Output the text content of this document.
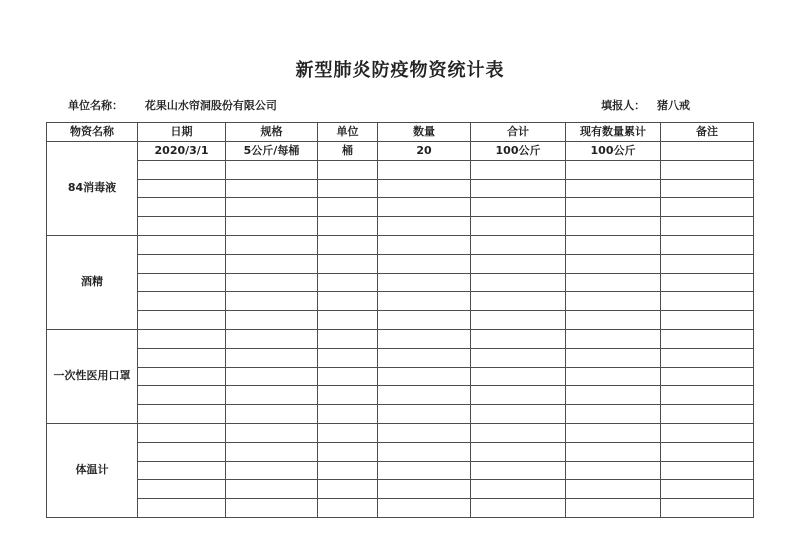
新型肺炎防疫物资统计表
单位名称： 花果山水帘洞股份有限公司	填报人： 猪八戒
物资名称	日期	规格	单位	数量	合计	现有数量累计	备注
84消毒液	2020/3/1	5公斤/每桶	桶	20	100公斤	100公斤	

酒精							

一次性医用口罩							

体温计							
